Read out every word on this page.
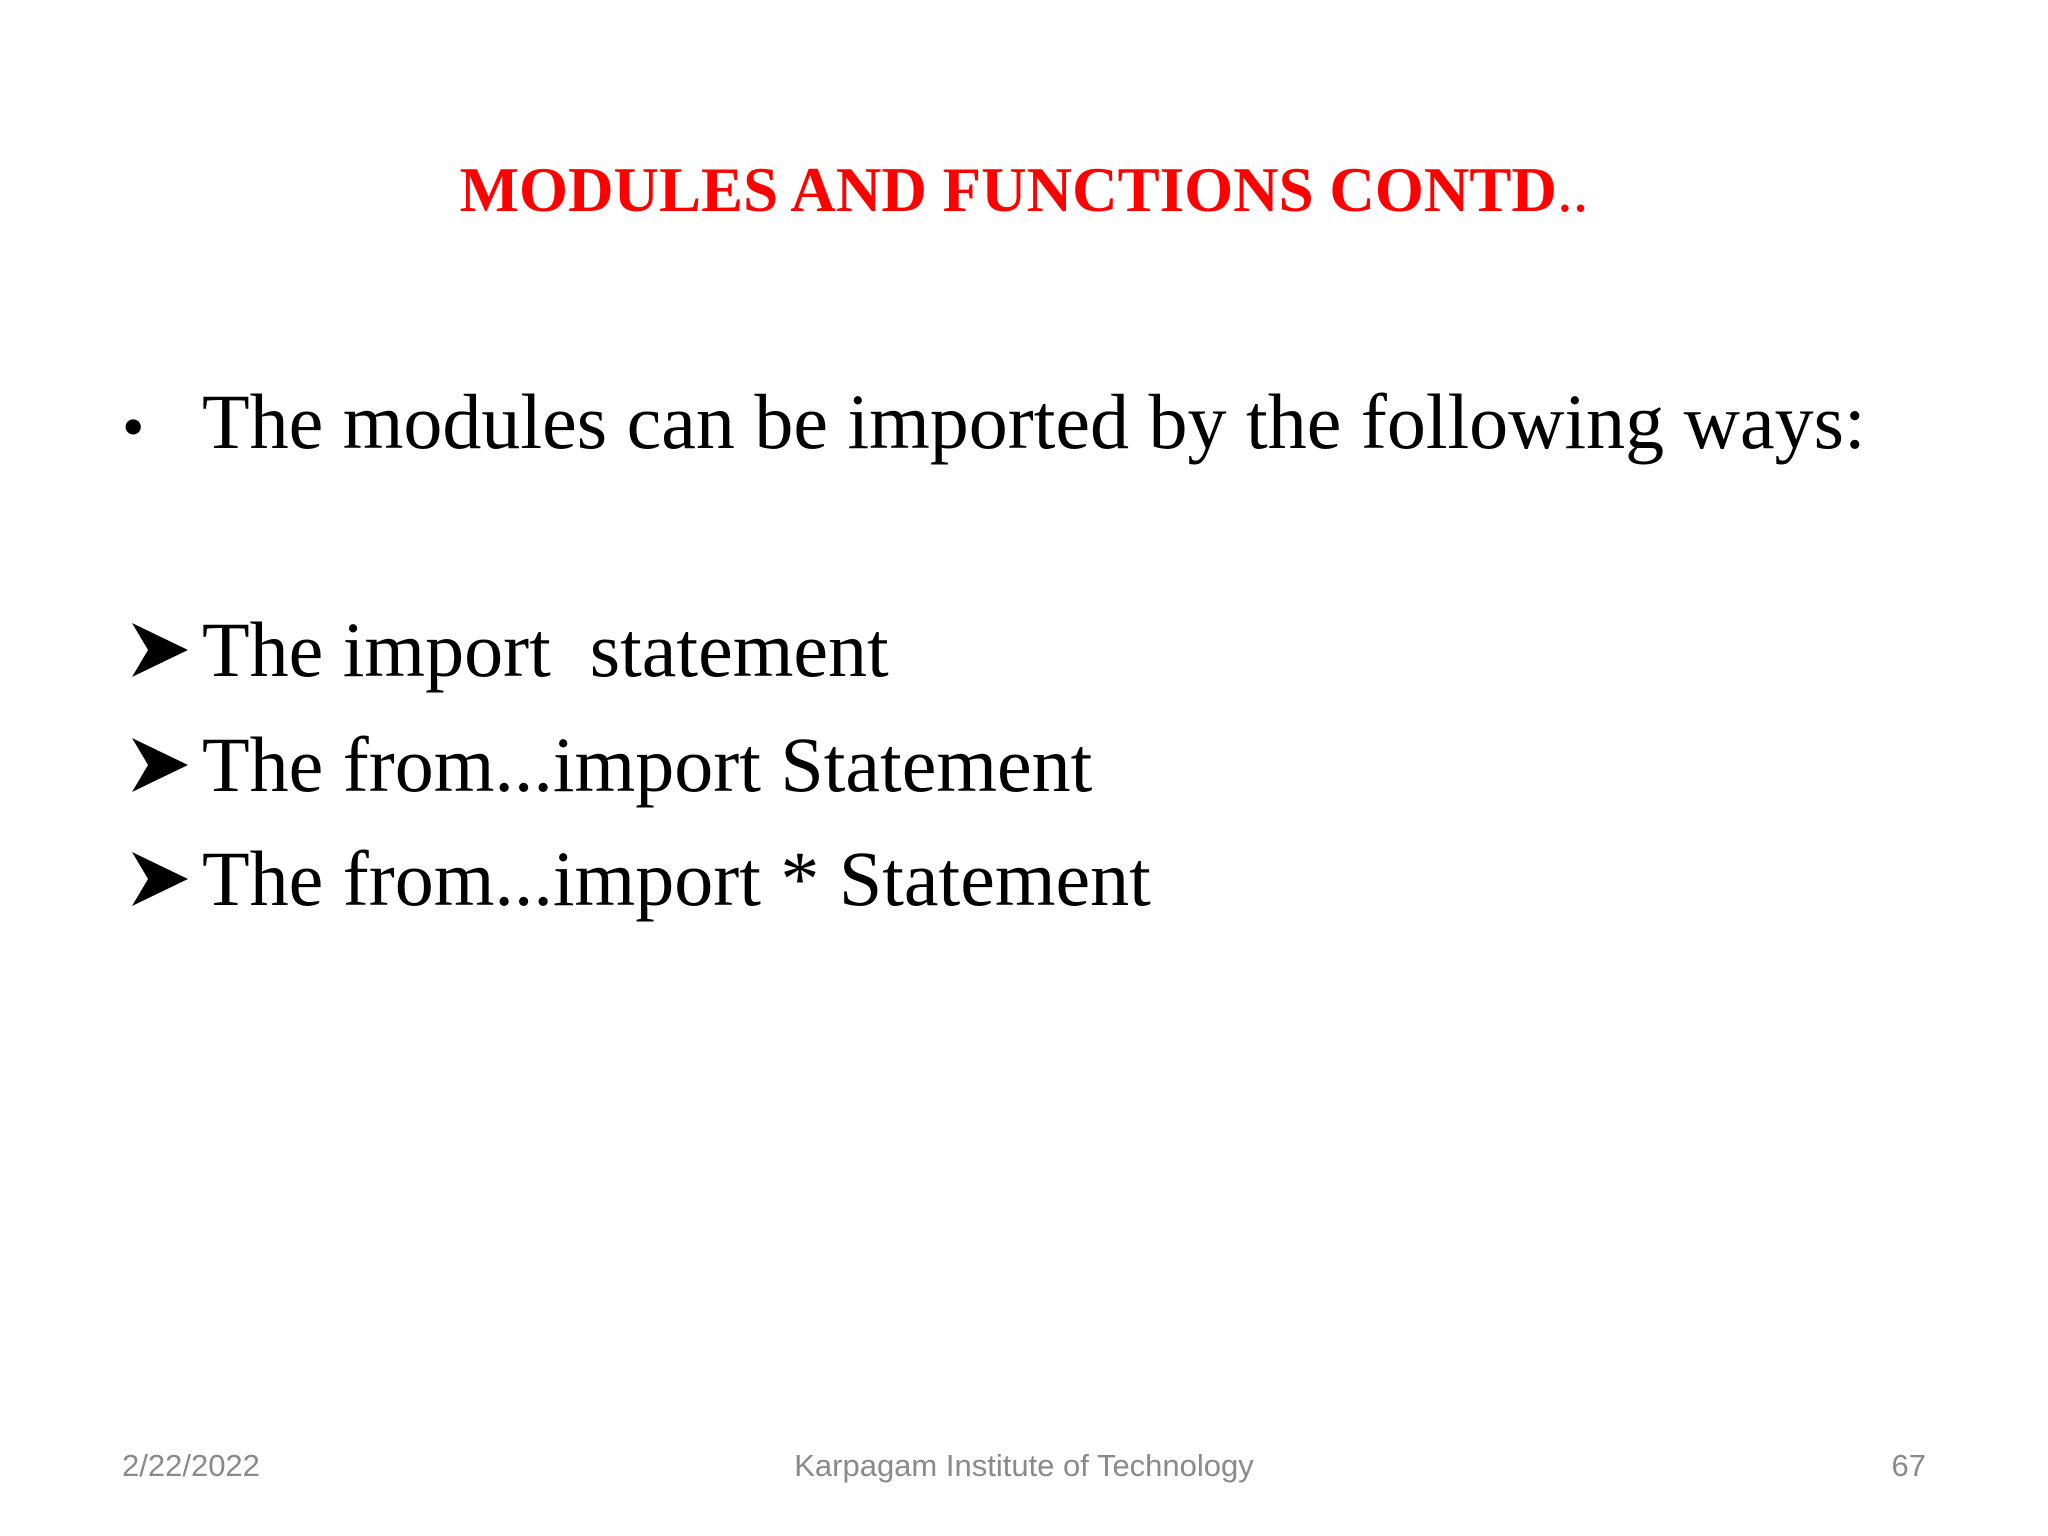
MODULES AND FUNCTIONS CONTD..
• The modules can be imported by the following ways:
The import  statement
The from...import Statement
The from...import * Statement
2/22/2022	Karpagam Institute of Technology	67
